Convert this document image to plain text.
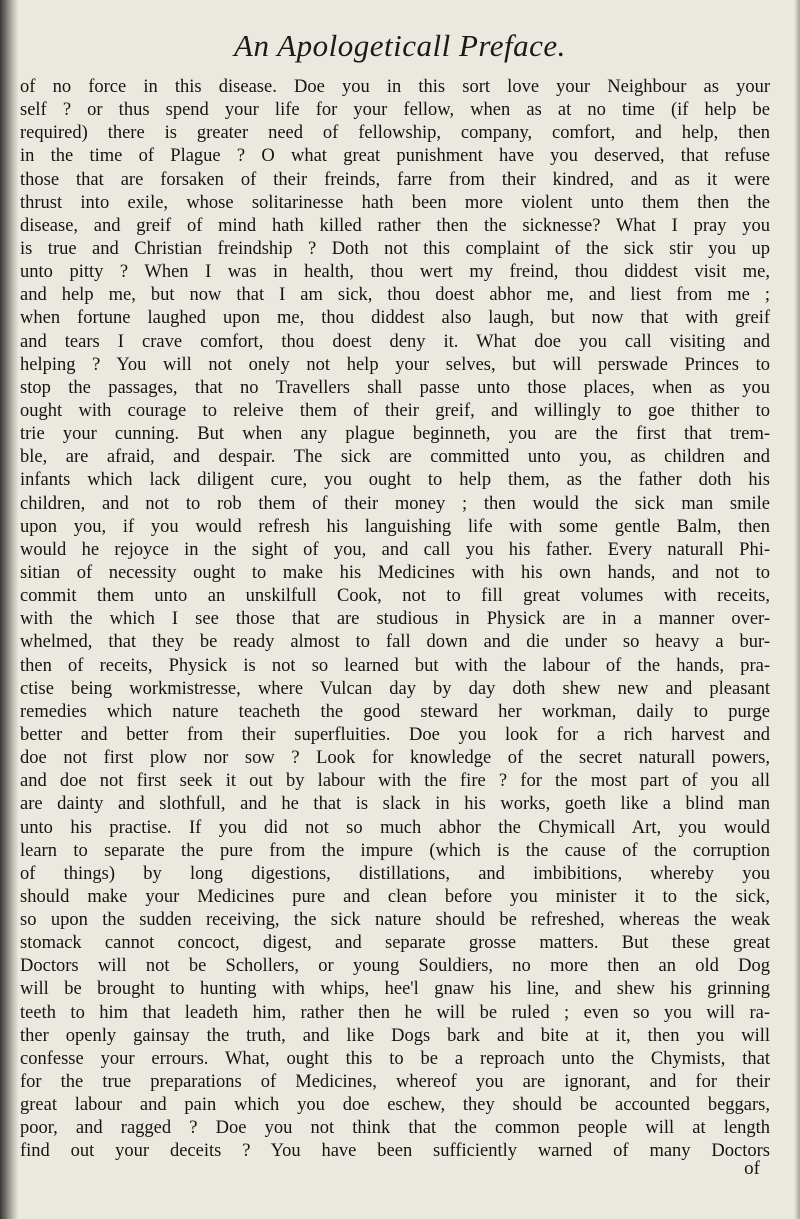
An Apologeticall Preface.
of no force in this disease. Doe you in this sort love your Neighbour as your
self ? or thus spend your life for your fellow, when as at no time (if help be
required) there is greater need of fellowship, company, comfort, and help, then
in the time of Plague ? O what great punishment have you deserved, that refuse
those that are forsaken of their freinds, farre from their kindred, and as it were
thrust into exile, whose solitarinesse hath been more violent unto them then the
disease, and greif of mind hath killed rather then the sicknesse? What I pray you
is true and Christian freindship ? Doth not this complaint of the sick stir you up
unto pitty ? When I was in health, thou wert my freind, thou diddest visit me,
and help me, but now that I am sick, thou doest abhor me, and liest from me ;
when fortune laughed upon me, thou diddest also laugh, but now that with greif
and tears I crave comfort, thou doest deny it. What doe you call visiting and
helping ? You will not onely not help your selves, but will perswade Princes to
stop the passages, that no Travellers shall passe unto those places, when as you
ought with courage to releive them of their greif, and willingly to goe thither to
trie your cunning. But when any plague beginneth, you are the first that trem-
ble, are afraid, and despair. The sick are committed unto you, as children and
infants which lack diligent cure, you ought to help them, as the father doth his
children, and not to rob them of their money ; then would the sick man smile
upon you, if you would refresh his languishing life with some gentle Balm, then
would he rejoyce in the sight of you, and call you his father. Every naturall Phi-
sitian of necessity ought to make his Medicines with his own hands, and not to
commit them unto an unskilfull Cook, not to fill great volumes with receits,
with the which I see those that are studious in Physick are in a manner over-
whelmed, that they be ready almost to fall down and die under so heavy a bur-
then of receits, Physick is not so learned but with the labour of the hands, pra-
ctise being workmistresse, where Vulcan day by day doth shew new and pleasant
remedies which nature teacheth the good steward her workman, daily to purge
better and better from their superfluities. Doe you look for a rich harvest and
doe not first plow nor sow ? Look for knowledge of the secret naturall powers,
and doe not first seek it out by labour with the fire ? for the most part of you all
are dainty and slothfull, and he that is slack in his works, goeth like a blind man
unto his practise. If you did not so much abhor the Chymicall Art, you would
learn to separate the pure from the impure (which is the cause of the corruption
of things) by long digestions, distillations, and imbibitions, whereby you
should make your Medicines pure and clean before you minister it to the sick,
so upon the sudden receiving, the sick nature should be refreshed, whereas the weak
stomack cannot concoct, digest, and separate grosse matters. But these great
Doctors will not be Schollers, or young Souldiers, no more then an old Dog
will be brought to hunting with whips, hee'l gnaw his line, and shew his grinning
teeth to him that leadeth him, rather then he will be ruled ; even so you will ra-
ther openly gainsay the truth, and like Dogs bark and bite at it, then you will
confesse your errours. What, ought this to be a reproach unto the Chymists, that
for the true preparations of Medicines, whereof you are ignorant, and for their
great labour and pain which you doe eschew, they should be accounted beggars,
poor, and ragged ? Doe you not think that the common people will at length
find out your deceits ? You have been sufficiently warned of many Doctors
of
